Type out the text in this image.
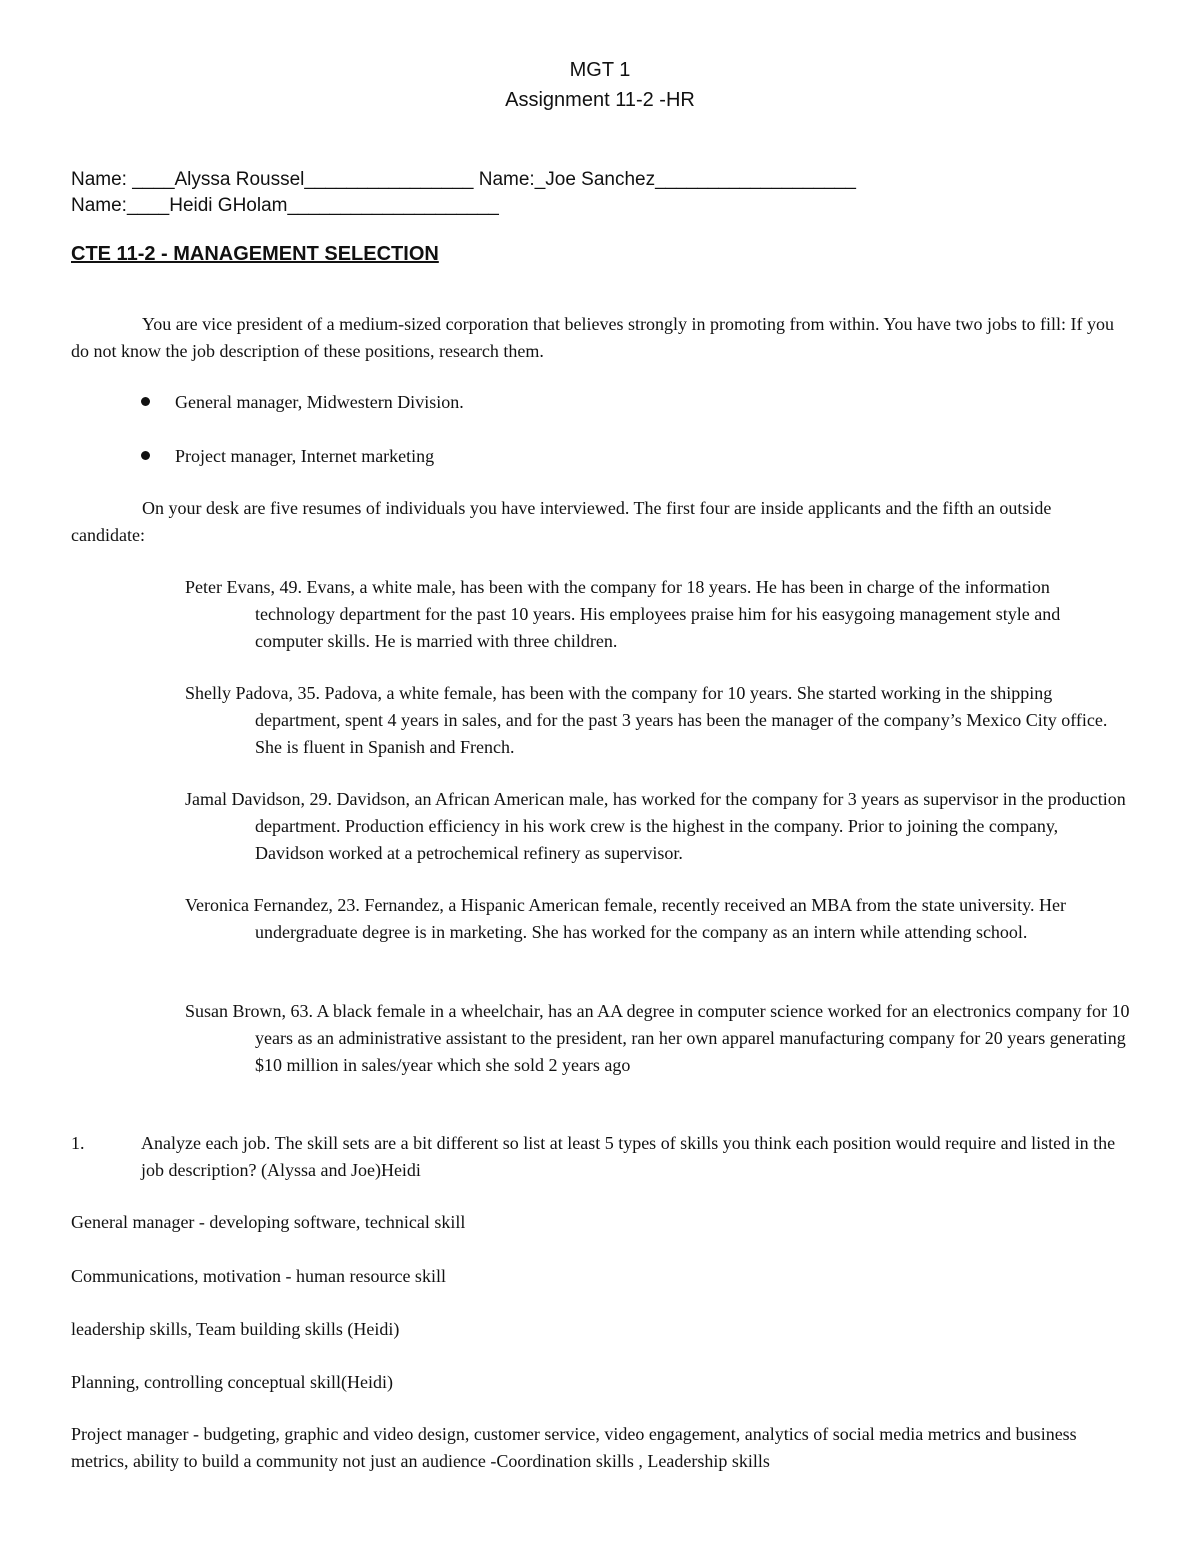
MGT 1
Assignment 11-2 -HR
Name: ____Alyssa Roussel________________ Name:_Joe Sanchez___________________
Name:____Heidi GHolam____________________
CTE 11-2 - MANAGEMENT SELECTION
You are vice president of a medium-sized corporation that believes strongly in promoting from within. You have two jobs to fill: If you do not know the job description of these positions, research them.
General manager, Midwestern Division.
Project manager, Internet marketing
On your desk are five resumes of individuals you have interviewed. The first four are inside applicants and the fifth an outside candidate:
Peter Evans, 49. Evans, a white male, has been with the company for 18 years. He has been in charge of the information technology department for the past 10 years. His employees praise him for his easygoing management style and computer skills. He is married with three children.
Shelly Padova, 35. Padova, a white female, has been with the company for 10 years. She started working in the shipping department, spent 4 years in sales, and for the past 3 years has been the manager of the company’s Mexico City office. She is fluent in Spanish and French.
Jamal Davidson, 29. Davidson, an African American male, has worked for the company for 3 years as supervisor in the production department. Production efficiency in his work crew is the highest in the company. Prior to joining the company, Davidson worked at a petrochemical refinery as supervisor.
Veronica Fernandez, 23. Fernandez, a Hispanic American female, recently received an MBA from the state university. Her undergraduate degree is in marketing. She has worked for the company as an intern while attending school.
Susan Brown, 63. A black female in a wheelchair, has an AA degree in computer science worked for an electronics company for 10 years as an administrative assistant to the president, ran her own apparel manufacturing company for 20 years generating $10 million in sales/year which she sold 2 years ago
1.	Analyze each job. The skill sets are a bit different so list at least 5 types of skills you think each position would require and listed in the job description? (Alyssa and Joe)Heidi
General manager - developing software, technical skill
Communications, motivation - human resource skill
leadership skills, Team building skills (Heidi)
Planning, controlling conceptual skill(Heidi)
Project manager - budgeting, graphic and video design, customer service, video engagement, analytics of social media metrics and business metrics, ability to build a community not just an audience -Coordination skills , Leadership skills
